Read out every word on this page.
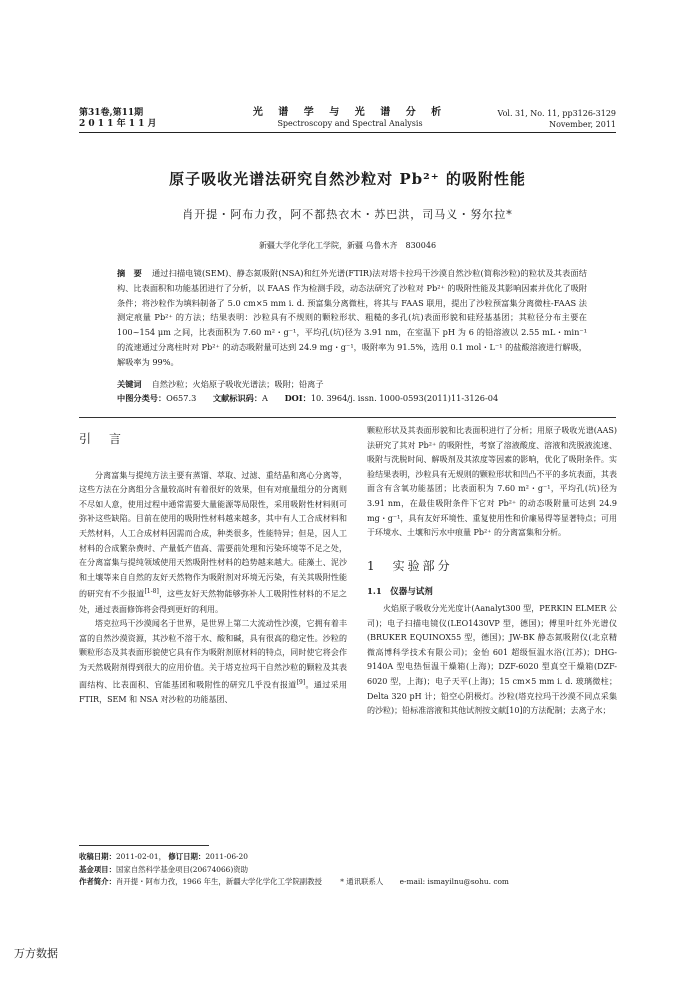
第31卷,第11期
2 0 1 1 年 1 1 月
光 谱 学 与 光 谱 分 析
Spectroscopy and Spectral Analysis
Vol. 31, No. 11, pp3126-3129
November, 2011
原子吸收光谱法研究自然沙粒对 Pb²⁺ 的吸附性能
肖开提・阿布力孜，阿不都热衣木・苏巴洪，司马义・努尔拉*
新疆大学化学化工学院，新疆 乌鲁木齐　830046
摘　要 通过扫描电镜(SEM)、静态氮吸附(NSA)和红外光谱(FTIR)法对塔卡拉玛干沙漠自然沙粒(简称沙粒)的粒状及其表面结构、比表面积和功能基团进行了分析，以 FAAS 作为检测手段，动态法研究了沙粒对 Pb²⁺ 的吸附性能及其影响因素并优化了吸附条件；将沙粒作为填料制备了 5.0 cm×5 mm i. d. 预富集分离微柱，将其与 FAAS 联用，提出了沙粒预富集分离微柱-FAAS 法测定痕量 Pb²⁺ 的方法；结果表明：沙粒具有不规则的颗粒形状、粗糙的多孔(坑)表面形貌和硅羟基基团；其粒径分布主要在 100~154 μm 之间，比表面积为 7.60 m²・g⁻¹，平均孔(坑)径为 3.91 nm，在室温下 pH 为 6 的铅溶液以 2.55 mL・min⁻¹ 的流速通过分离柱时对 Pb²⁺ 的动态吸附量可达到 24.9 mg・g⁻¹，吸附率为 91.5%，选用 0.1 mol・L⁻¹ 的盐酸溶液进行解吸，解吸率为 99%。
关键词 自然沙粒；火焰原子吸收光谱法；吸附；铅离子
中图分类号：O657.3 文献标识码：A DOI：10. 3964/j. issn. 1000-0593(2011)11-3126-04
引　言

分离富集与提纯方法主要有蒸馏、萃取、过滤、重结晶和离心分离等，这些方法在分离组分含量较高时有着很好的效果，但有对痕量组分的分离则不尽如人意，使用过程中通常需要大量能源等局限性，采用吸附性材料则可弥补这些缺陷。目前在使用的吸附性材料越来越多，其中有人工合成材料和天然材料，人工合成材料因需而合成，种类很多，性能特异；但是，因人工材料的合成繁杂费时、产量低产值高、需要前处理和污染环境等不足之处，在分离富集与提纯领域使用天然吸附性材料的趋势越来越大。硅藻土、泥沙和土壤等来自自然的友好天然物作为吸附剂对环境无污染，有关其吸附性能的研究有不少报道[1-8]，这些友好天然物能够弥补人工吸附性材料的不足之处，通过表面修饰将会得到更好的利用。

塔克拉玛干沙漠闻名于世界，是世界上第二大流动性沙漠，它拥有着丰富的自然沙漠资源，其沙粒不溶于水、酸和碱，具有很高的稳定性。沙粒的颗粒形态及其表面形貌使它具有作为吸附剂原材料的特点，同时使它将会作为天然吸附剂得到很大的应用价值。关于塔克拉玛干自然沙粒的颗粒及其表面结构、比表面积、官能基团和吸附性的研究几乎没有报道[9]。通过采用 FTIR，SEM 和 NSA 对沙粒的功能基团、

颗粒形状及其表面形貌和比表面积进行了分析；用原子吸收光谱(AAS)法研究了其对 Pb²⁺ 的吸附性，考察了溶液酸度、溶液和洗脱液流速、吸附与洗脱时间、解吸剂及其浓度等因素的影响，优化了吸附条件。实验结果表明，沙粒具有无规则的颗粒形状和凹凸不平的多坑表面，其表面含有含氧功能基团；比表面积为 7.60 m²・g⁻¹，平均孔(坑)径为 3.91 nm，在最佳吸附条件下它对 Pb²⁺ 的动态吸附量可达到 24.9 mg・g⁻¹，具有友好环境性、重复使用性和价廉易得等显著特点；可用于环境水、土壤和污水中痕量 Pb²⁺ 的分离富集和分析。

1　实验部分
1.1　仪器与试剂

火焰原子吸收分光光度计(Aanalyt300 型，PERKIN ELMER 公司)；电子扫描电镜仪(LEO1430VP 型，德国)；傅里叶红外光谱仪(BRUKER EQUINOX55 型，德国)；JW-BK 静态氮吸附仪(北京精微高博科学技术有限公司)；金怡 601 超级恒温水浴(江苏)；DHG-9140A 型电热恒温干燥箱(上海)；DZF-6020 型真空干燥箱(DZF-6020 型，上海)；电子天平(上海)；15 cm×5 mm i. d. 玻璃微柱；Delta 320 pH 计；铅空心阴极灯。沙粒(塔克拉玛干沙漠不同点采集的沙粒)；铅标准溶液和其他试剂按文献[10]的方法配制；去离子水；

收稿日期：2011-02-01， 修订日期：2011-06-20
基金项目：国家自然科学基金项目(20674066)资助
作者简介：肖开提・阿布力孜，1966 年生，新疆大学化学化工学院副教授 * 通讯联系人 e-mail: ismayilnu@sohu. com
万方数据
